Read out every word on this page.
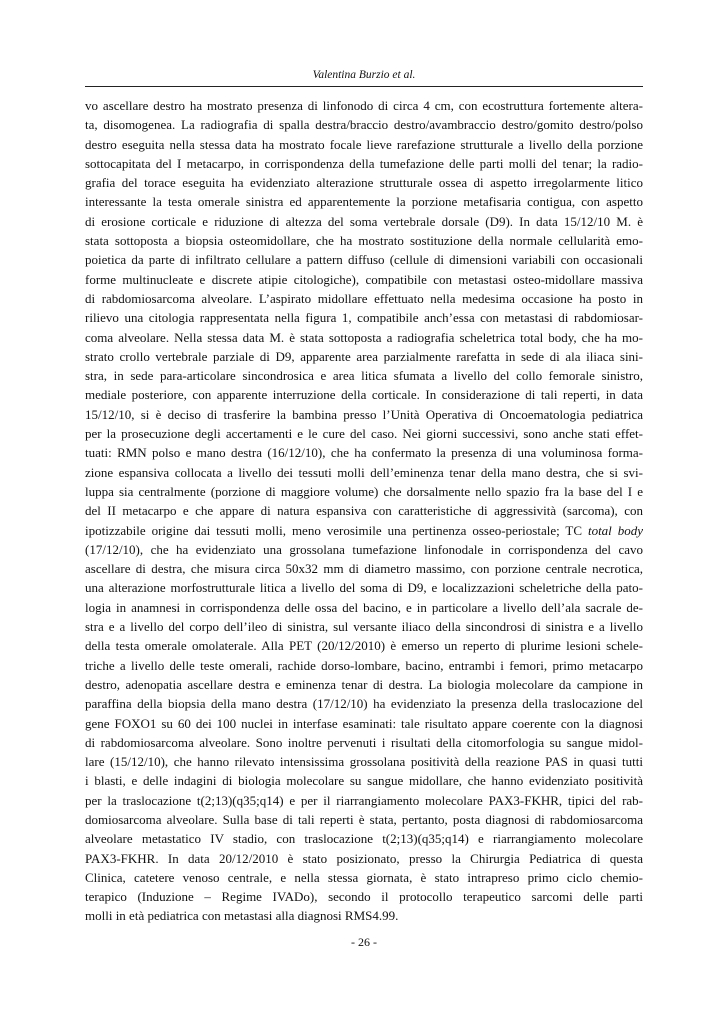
Valentina Burzio et al.
vo ascellare destro ha mostrato presenza di linfonodo di circa 4 cm, con ecostruttura fortemente altera-
ta, disomogenea. La radiografia di spalla destra/braccio destro/avambraccio destro/gomito destro/polso
destro eseguita nella stessa data ha mostrato focale lieve rarefazione strutturale a livello della porzione
sottocapitata del I metacarpo, in corrispondenza della tumefazione delle parti molli del tenar; la radio-
grafia del torace eseguita ha evidenziato alterazione strutturale ossea di aspetto irregolarmente litico
interessante la testa omerale sinistra ed apparentemente la porzione metafisaria contigua, con aspetto
di erosione corticale e riduzione di altezza del soma vertebrale dorsale (D9). In data 15/12/10 M. è
stata sottoposta a biopsia osteomidollare, che ha mostrato sostituzione della normale cellularità emo-
poietica da parte di infiltrato cellulare a pattern diffuso (cellule di dimensioni variabili con occasionali
forme multinucleate e discrete atipie citologiche), compatibile con metastasi osteo-midollare massiva
di rabdomiosarcoma alveolare. L’aspirato midollare effettuato nella medesima occasione ha posto in
rilievo una citologia rappresentata nella figura 1, compatibile anch’essa con metastasi di rabdomiosar-
coma alveolare. Nella stessa data M. è stata sottoposta a radiografia scheletrica total body, che ha mo-
strato crollo vertebrale parziale di D9, apparente area parzialmente rarefatta in sede di ala iliaca sini-
stra, in sede para-articolare sincondrosica e area litica sfumata a livello del collo femorale sinistro,
mediale posteriore, con apparente interruzione della corticale. In considerazione di tali reperti, in data
15/12/10, si è deciso di trasferire la bambina presso l’Unità Operativa di Oncoematologia pediatrica
per la prosecuzione degli accertamenti e le cure del caso. Nei giorni successivi, sono anche stati effet-
tuati: RMN polso e mano destra (16/12/10), che ha confermato la presenza di una voluminosa forma-
zione espansiva collocata a livello dei tessuti molli dell’eminenza tenar della mano destra, che si svi-
luppa sia centralmente (porzione di maggiore volume) che dorsalmente nello spazio fra la base del I e
del II metacarpo e che appare di natura espansiva con caratteristiche di aggressività (sarcoma), con
ipotizzabile origine dai tessuti molli, meno verosimile una pertinenza osseo-periostale; TC total body
(17/12/10), che ha evidenziato una grossolana tumefazione linfonodale in corrispondenza del cavo
ascellare di destra, che misura circa 50x32 mm di diametro massimo, con porzione centrale necrotica,
una alterazione morfostrutturale litica a livello del soma di D9, e localizzazioni scheletriche della pato-
logia in anamnesi in corrispondenza delle ossa del bacino, e in particolare a livello dell’ala sacrale de-
stra e a livello del corpo dell’ileo di sinistra, sul versante iliaco della sincondrosi di sinistra e a livello
della testa omerale omolaterale. Alla PET (20/12/2010) è emerso un reperto di plurime lesioni schele-
triche a livello delle teste omerali, rachide dorso-lombare, bacino, entrambi i femori, primo metacarpo
destro, adenopatia ascellare destra e eminenza tenar di destra. La biologia molecolare da campione in
paraffina della biopsia della mano destra (17/12/10) ha evidenziato la presenza della traslocazione del
gene FOXO1 su 60 dei 100 nuclei in interfase esaminati: tale risultato appare coerente con la diagnosi
di rabdomiosarcoma alveolare. Sono inoltre pervenuti i risultati della citomorfologia su sangue midol-
lare (15/12/10), che hanno rilevato intensissima grossolana positività della reazione PAS in quasi tutti
i blasti, e delle indagini di biologia molecolare su sangue midollare, che hanno evidenziato positività
per la traslocazione t(2;13)(q35;q14) e per il riarrangiamento molecolare PAX3-FKHR, tipici del rab-
domiosarcoma alveolare. Sulla base di tali reperti è stata, pertanto, posta diagnosi di rabdomiosarcoma
alveolare metastatico IV stadio, con traslocazione t(2;13)(q35;q14) e riarrangiamento molecolare
PAX3-FKHR. In data 20/12/2010 è stato posizionato, presso la Chirurgia Pediatrica di questa
Clinica, catetere venoso centrale, e nella stessa giornata, è stato intrapreso primo ciclo chemio-
terapico (Induzione – Regime IVADo), secondo il protocollo terapeutico sarcomi delle parti
molli in età pediatrica con metastasi alla diagnosi RMS4.99.
- 26 -
